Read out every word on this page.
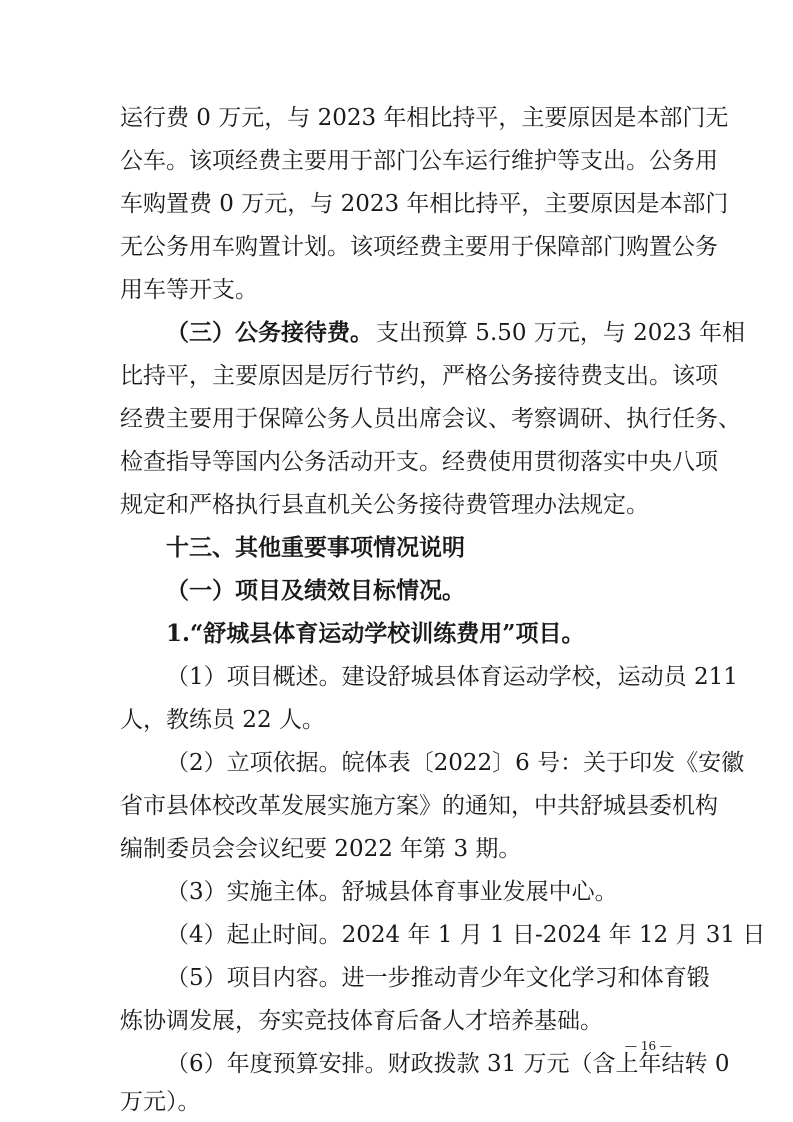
运行费 0 万元，与 2023 年相比持平，主要原因是本部门无
公车。该项经费主要用于部门公车运行维护等支出。公务用
车购置费 0 万元，与 2023 年相比持平，主要原因是本部门
无公务用车购置计划。该项经费主要用于保障部门购置公务
用车等开支。
（三）公务接待费。 支出预算 5.50 万元，与 2023 年相
比持平，主要原因是厉行节约，严格公务接待费支出。该项
经费主要用于保障公务人员出席会议、考察调研、执行任务、
检查指导等国内公务活动开支。经费使用贯彻落实中央八项
规定和严格执行县直机关公务接待费管理办法规定。
十三、其他重要事项情况说明
（一）项目及绩效目标情况。
1.“舒城县体育运动学校训练费用”项目。
（1）项目概述。建设舒城县体育运动学校，运动员 211
人，教练员 22 人。
（2）立项依据。皖体表〔2022〕6 号：关于印发《安徽
省市县体校改革发展实施方案》的通知，中共舒城县委机构
编制委员会会议纪要 2022 年第 3 期。
（3）实施主体。舒城县体育事业发展中心。
（4）起止时间。2024 年 1 月 1 日-2024 年 12 月 31 日
（5）项目内容。进一步推动青少年文化学习和体育锻
炼协调发展，夯实竞技体育后备人才培养基础。
（6）年度预算安排。财政拨款 31 万元（含上年结转 0
万元）。
— 16 —
